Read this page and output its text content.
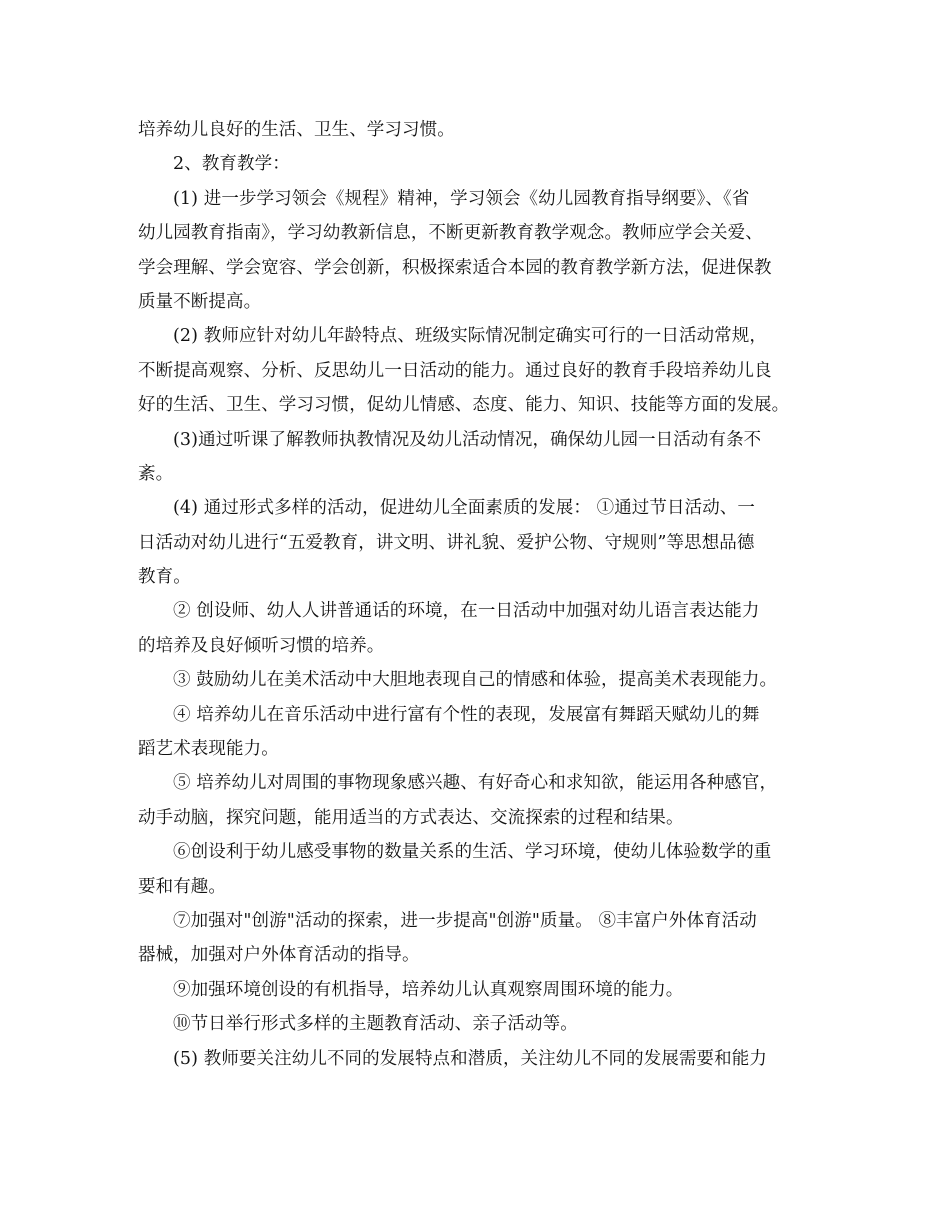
培养幼儿良好的生活、卫生、学习习惯。
2、教育教学：
(1) 进一步学习领会《规程》精神，学习领会《幼儿园教育指导纲要》、《省
幼儿园教育指南》，学习幼教新信息，不断更新教育教学观念。教师应学会关爱、
学会理解、学会宽容、学会创新，积极探索适合本园的教育教学新方法，促进保教
质量不断提高。
(2) 教师应针对幼儿年龄特点、班级实际情况制定确实可行的一日活动常规，
不断提高观察、分析、反思幼儿一日活动的能力。通过良好的教育手段培养幼儿良
好的生活、卫生、学习习惯，促幼儿情感、态度、能力、知识、技能等方面的发展。
(3)通过听课了解教师执教情况及幼儿活动情况，确保幼儿园一日活动有条不
紊。
(4) 通过形式多样的活动，促进幼儿全面素质的发展： ①通过节日活动、一
日活动对幼儿进行“五爱教育，讲文明、讲礼貌、爱护公物、守规则”等思想品德
教育。
② 创设师、幼人人讲普通话的环境，在一日活动中加强对幼儿语言表达能力
的培养及良好倾听习惯的培养。
③ 鼓励幼儿在美术活动中大胆地表现自己的情感和体验，提高美术表现能力。
④ 培养幼儿在音乐活动中进行富有个性的表现，发展富有舞蹈天赋幼儿的舞
蹈艺术表现能力。
⑤ 培养幼儿对周围的事物现象感兴趣、有好奇心和求知欲，能运用各种感官，
动手动脑，探究问题，能用适当的方式表达、交流探索的过程和结果。
⑥创设利于幼儿感受事物的数量关系的生活、学习环境，使幼儿体验数学的重
要和有趣。
⑦加强对"创游"活动的探索，进一步提高"创游"质量。 ⑧丰富户外体育活动
器械，加强对户外体育活动的指导。
⑨加强环境创设的有机指导，培养幼儿认真观察周围环境的能力。
⑩节日举行形式多样的主题教育活动、亲子活动等。
(5) 教师要关注幼儿不同的发展特点和潜质，关注幼儿不同的发展需要和能力
